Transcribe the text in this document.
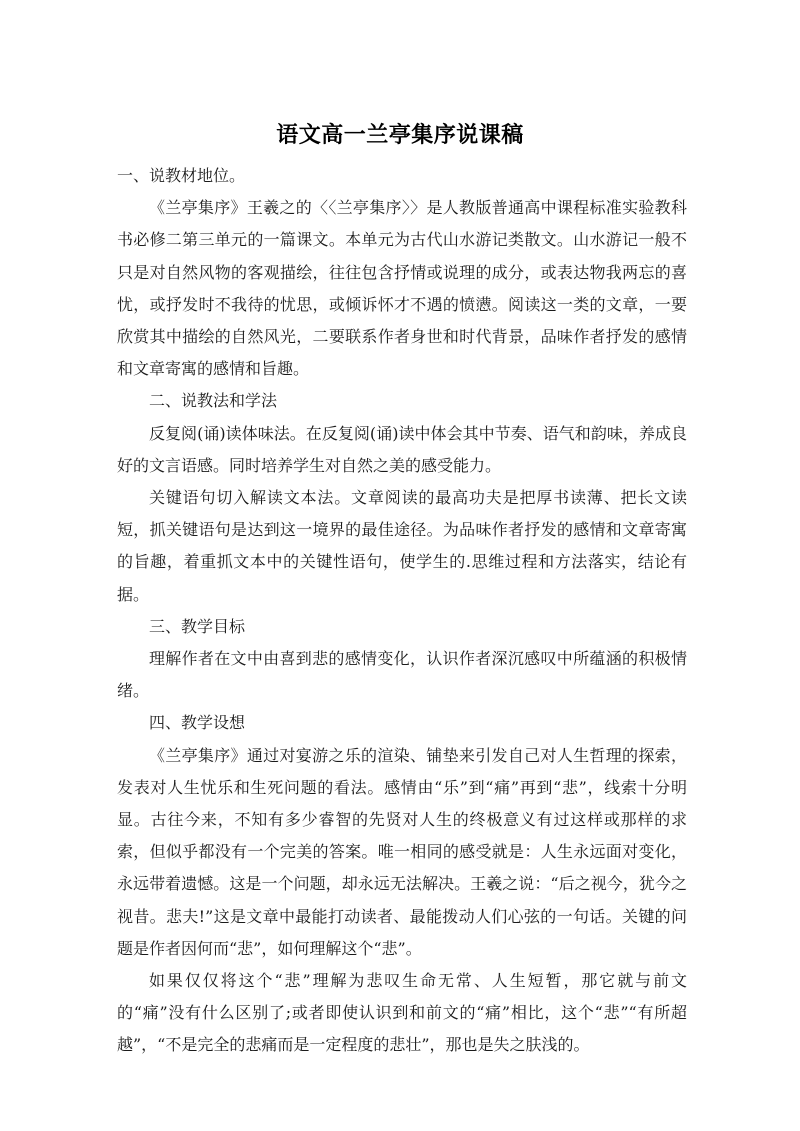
语文高一兰亭集序说课稿

一、说教材地位。

《兰亭集序》王羲之的〈〈兰亭集序〉〉是人教版普通高中课程标准实验教科书必修二第三单元的一篇课文。本单元为古代山水游记类散文。山水游记一般不只是对自然风物的客观描绘，往往包含抒情或说理的成分，或表达物我两忘的喜忧，或抒发时不我待的忧思，或倾诉怀才不遇的愤懑。阅读这一类的文章，一要欣赏其中描绘的自然风光，二要联系作者身世和时代背景，品味作者抒发的感情和文章寄寓的感情和旨趣。

二、说教法和学法

反复阅(诵)读体味法。在反复阅(诵)读中体会其中节奏、语气和韵味，养成良好的文言语感。同时培养学生对自然之美的感受能力。

关键语句切入解读文本法。文章阅读的最高功夫是把厚书读薄、把长文读短，抓关键语句是达到这一境界的最佳途径。为品味作者抒发的感情和文章寄寓的旨趣，着重抓文本中的关键性语句，使学生的.思维过程和方法落实，结论有据。

三、教学目标

理解作者在文中由喜到悲的感情变化，认识作者深沉感叹中所蕴涵的积极情绪。

四、教学设想

《兰亭集序》通过对宴游之乐的渲染、铺垫来引发自己对人生哲理的探索，发表对人生忧乐和生死问题的看法。感情由“乐”到“痛”再到“悲”，线索十分明显。古往今来，不知有多少睿智的先贤对人生的终极意义有过这样或那样的求索，但似乎都没有一个完美的答案。唯一相同的感受就是：人生永远面对变化，永远带着遗憾。这是一个问题，却永远无法解决。王羲之说：“后之视今，犹今之视昔。悲夫!”这是文章中最能打动读者、最能拨动人们心弦的一句话。关键的问题是作者因何而“悲”，如何理解这个“悲”。

如果仅仅将这个“悲”理解为悲叹生命无常、人生短暂，那它就与前文的“痛”没有什么区别了;或者即使认识到和前文的“痛”相比，这个“悲”“有所超越”，“不是完全的悲痛而是一定程度的悲壮”，那也是失之肤浅的。
